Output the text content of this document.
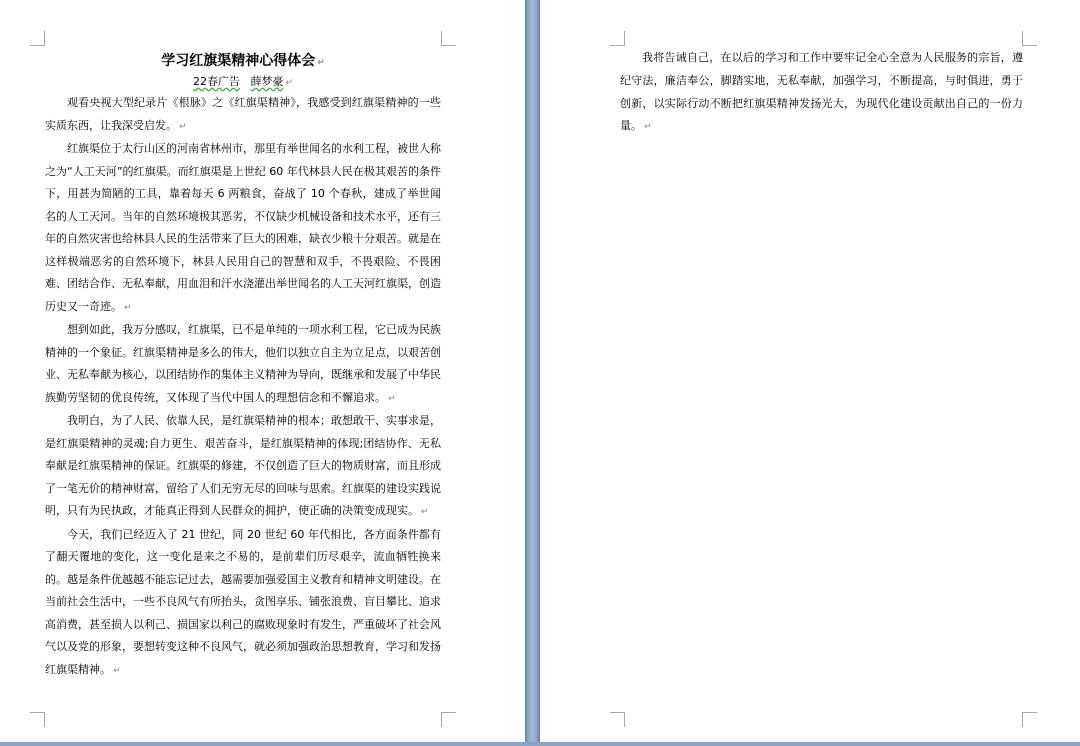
学习红旗渠精神心得体会 ↵

22春广告 薛梦豪 ↵

观看央视大型纪录片《根脉》之《红旗渠精神》，我感受到红旗渠精神的一些实质东西，让我深受启发。 ↵

红旗渠位于太行山区的河南省林州市，那里有举世闻名的水利工程，被世人称之为“人工天河”的红旗渠。而红旗渠是上世纪 60 年代林县人民在极其艰苦的条件下，用甚为简陋的工具，靠着每天 6 两粮食，奋战了 10 个春秋，建成了举世闻名的人工天河。当年的自然环境极其恶劣，不仅缺少机械设备和技术水平，还有三年的自然灾害也给林县人民的生活带来了巨大的困难，缺衣少粮十分艰苦。就是在这样极端恶劣的自然环境下，林县人民用自己的智慧和双手，不畏艰险、不畏困难、团结合作、无私奉献，用血泪和汗水浇灌出举世闻名的人工天河红旗渠，创造历史又一奇迹。 ↵

想到如此，我万分感叹，红旗渠，已不是单纯的一项水利工程，它已成为民族精神的一个象征。红旗渠精神是多么的伟大，他们以独立自主为立足点，以艰苦创业、无私奉献为核心，以团结协作的集体主义精神为导向，既继承和发展了中华民族勤劳坚韧的优良传统，又体现了当代中国人的理想信念和不懈追求。 ↵

我明白，为了人民、依靠人民，是红旗渠精神的根本；敢想敢干、实事求是，是红旗渠精神的灵魂;自力更生、艰苦奋斗，是红旗渠精神的体现;团结协作、无私奉献是红旗渠精神的保证。红旗渠的修建，不仅创造了巨大的物质财富，而且形成了一笔无价的精神财富，留给了人们无穷无尽的回味与思索。红旗渠的建设实践说明，只有为民执政，才能真正得到人民群众的拥护，使正确的决策变成现实。 ↵

今天，我们已经迈入了 21 世纪，同 20 世纪 60 年代相比，各方面条件都有了翻天覆地的变化，这一变化是来之不易的，是前辈们历尽艰辛，流血牺牲换来的。越是条件优越越不能忘记过去，越需要加强爱国主义教育和精神文明建设。在当前社会生活中，一些不良风气有所抬头，贪图享乐、铺张浪费、盲目攀比、追求高消费，甚至损人以利己、损国家以利己的腐败现象时有发生，严重破坏了社会风气以及党的形象，要想转变这种不良风气，就必须加强政治思想教育，学习和发扬红旗渠精神。 ↵

我将告诫自己，在以后的学习和工作中要牢记全心全意为人民服务的宗旨，遵纪守法，廉洁奉公，脚踏实地，无私奉献，加强学习，不断提高，与时俱进，勇于创新，以实际行动不断把红旗渠精神发扬光大，为现代化建设贡献出自己的一份力量。 ↵
